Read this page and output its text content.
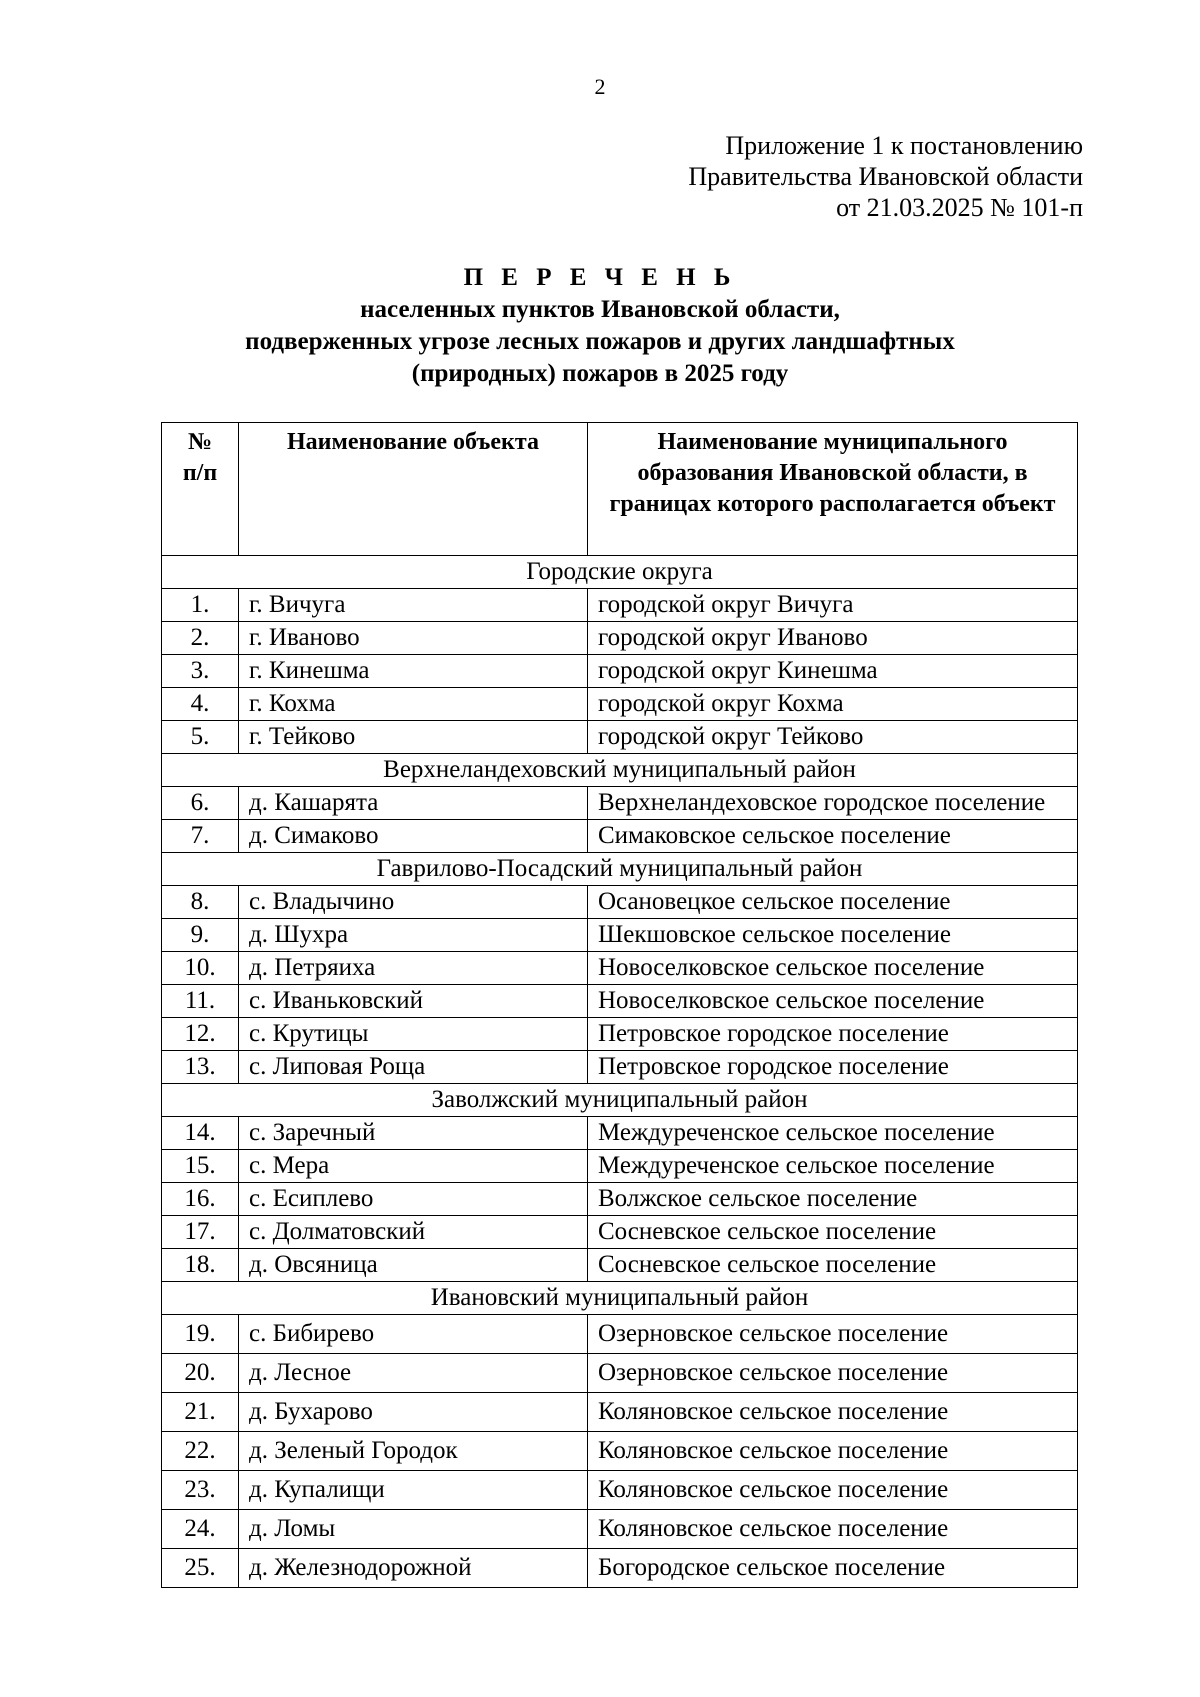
2
Приложение 1 к постановлению
Правительства Ивановской области
от 21.03.2025 № 101-п
П Е Р Е Ч Е Н Ь
населенных пунктов Ивановской области,
подверженных угрозе лесных пожаров и других ландшафтных
(природных) пожаров в 2025 году
№
п/п	Наименование объекта	Наименование муниципального образования Ивановской области, в границах которого располагается объект
Городские округа		
1.	г. Вичуга	городской округ Вичуга
2.	г. Иваново	городской округ Иваново
3.	г. Кинешма	городской округ Кинешма
4.	г. Кохма	городской округ Кохма
5.	г. Тейково	городской округ Тейково
Верхнеландеховский муниципальный район		
6.	д. Кашарята	Верхнеландеховское городское поселение
7.	д. Симаково	Симаковское сельское поселение
Гаврилово-Посадский муниципальный район		
8.	с. Владычино	Осановецкое сельское поселение
9.	д. Шухра	Шекшовское сельское поселение
10.	д. Петряиха	Новоселковское сельское поселение
11.	с. Иваньковский	Новоселковское сельское поселение
12.	с. Крутицы	Петровское городское поселение
13.	с. Липовая Роща	Петровское городское поселение
Заволжский муниципальный район		
14.	с. Заречный	Междуреченское сельское поселение
15.	с. Мера	Междуреченское сельское поселение
16.	с. Есиплево	Волжское сельское поселение
17.	с. Долматовский	Сосневское сельское поселение
18.	д. Овсяница	Сосневское сельское поселение
Ивановский муниципальный район		
19.	с. Бибирево	Озерновское сельское поселение
20.	д. Лесное	Озерновское сельское поселение
21.	д. Бухарово	Коляновское сельское поселение
22.	д. Зеленый Городок	Коляновское сельское поселение
23.	д. Купалищи	Коляновское сельское поселение
24.	д. Ломы	Коляновское сельское поселение
25.	д. Железнодорожной	Богородское сельское поселение
